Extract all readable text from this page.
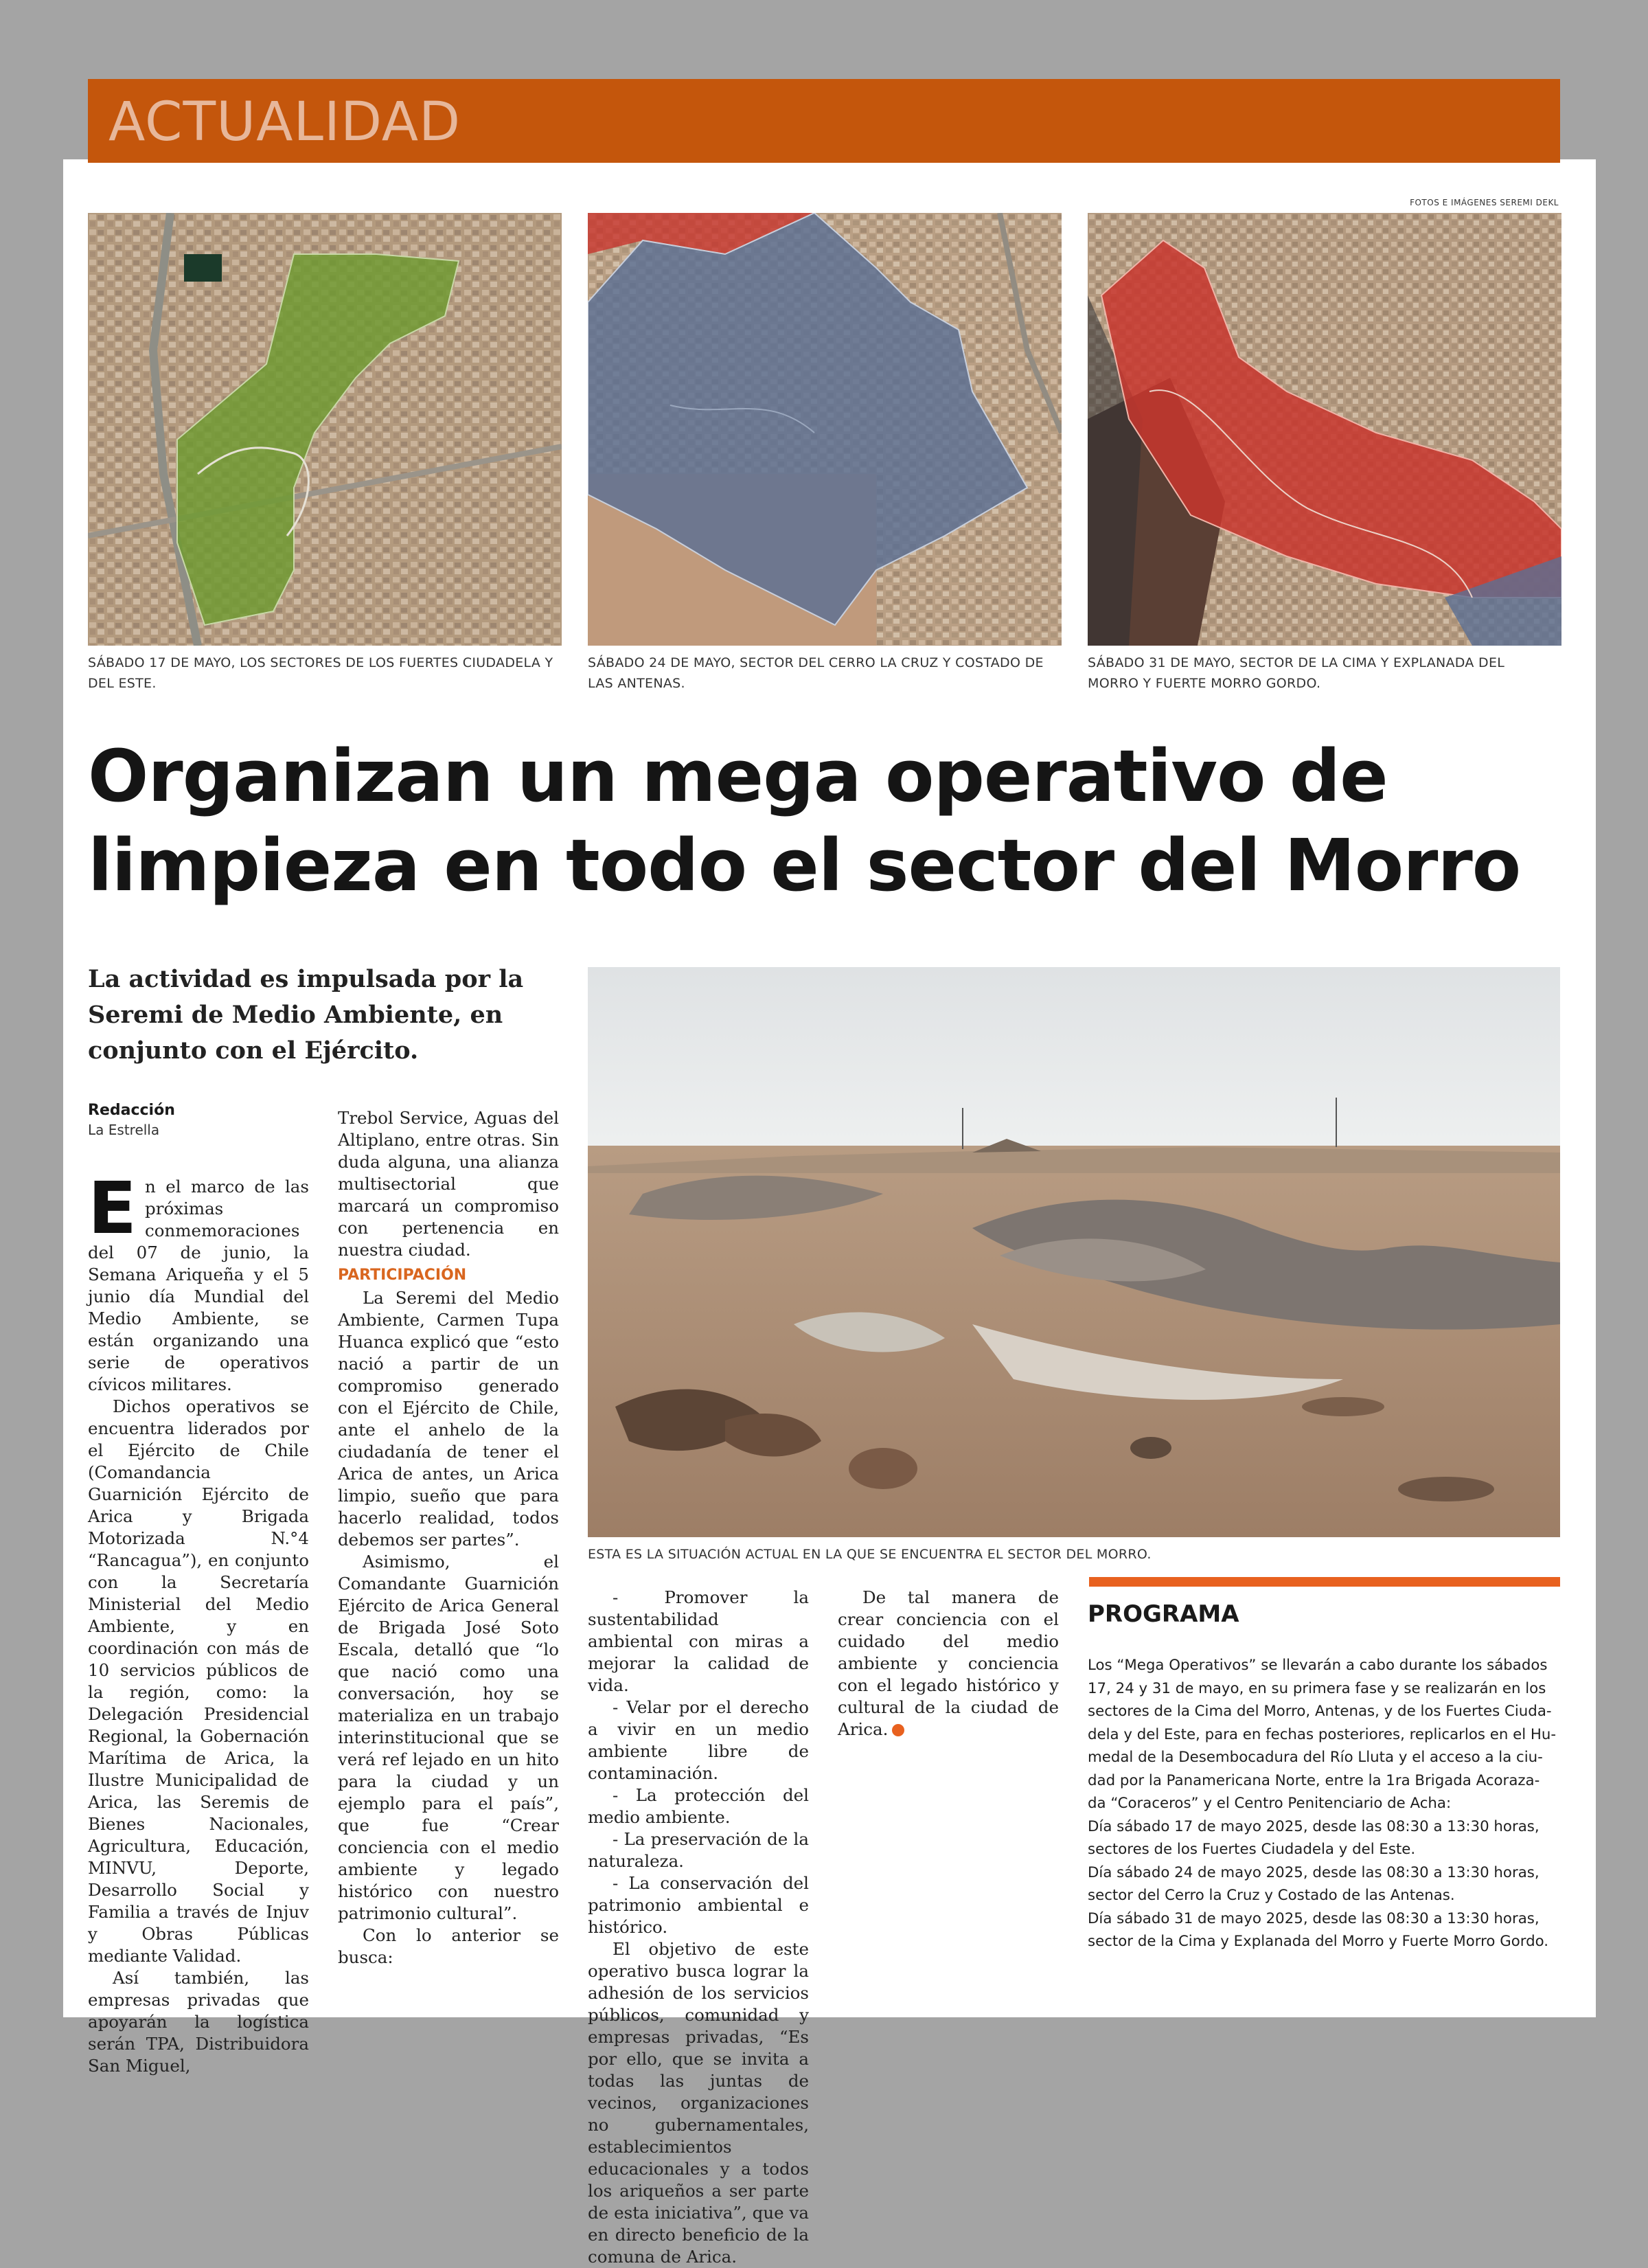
ACTUALIDAD
FOTOS E IMÁGENES SEREMI DEKL
SÁBADO 17 DE MAYO, LOS SECTORES DE LOS FUERTES CIUDADELA Y
DEL ESTE.
SÁBADO 24 DE MAYO, SECTOR DEL CERRO LA CRUZ Y COSTADO DE
LAS ANTENAS.
SÁBADO 31 DE MAYO, SECTOR DE LA CIMA Y EXPLANADA DEL
MORRO Y FUERTE MORRO GORDO.
Organizan un mega operativo de
limpieza en todo el sector del Morro
La actividad es impulsada por la
Seremi de Medio Ambiente, en
conjunto con el Ejército.
ESTA ES LA SITUACIÓN ACTUAL EN LA QUE SE ENCUENTRA EL SECTOR DEL MORRO.
Redacción
La Estrella

En el marco de las próximas conmemoraciones del 07 de junio, la Semana Ariqueña y el 5 junio día Mundial del Medio Ambiente, se están organizando una serie de operativos cívicos militares.

Dichos operativos se encuentra liderados por el Ejército de Chile (Comandancia Guarnición Ejército de Arica y Brigada Motorizada N.°4 “Rancagua”), en conjunto con la Secretaría Ministerial del Medio Ambiente, y en coordinación con más de 10 servicios públicos de la región, como: la Delegación Presidencial Regional, la Gobernación Marítima de Arica, la Ilustre Municipalidad de Arica, las Seremis de Bienes Nacionales, Agricultura, Educación, MINVU, Deporte, Desarrollo Social y Familia a través de Injuv y Obras Públicas mediante Validad.

Así también, las empresas privadas que apoyarán la logística serán TPA, Distribuidora San Miguel,

Trebol Service, Aguas del Altiplano, entre otras. Sin duda alguna, una alianza multisectorial que marcará un compromiso con pertenencia en nuestra ciudad.

PARTICIPACIÓN

La Seremi del Medio Ambiente, Carmen Tupa Huanca explicó que “esto nació a partir de un compromiso generado con el Ejército de Chile, ante el anhelo de la ciudadanía de tener el Arica de antes, un Arica limpio, sueño que para hacerlo realidad, todos debemos ser partes”.

Asimismo, el Comandante Guarnición Ejército de Arica General de Brigada José Soto Escala, detalló que “lo que nació como una conversación, hoy se materializa en un trabajo interinstitucional que se verá ref lejado en un hito para la ciudad y un ejemplo para el país”, que fue “Crear conciencia con el medio ambiente y legado histórico con nuestro patrimonio cultural”.

Con lo anterior se busca:

- Promover la sustentabilidad ambiental con miras a mejorar la calidad de vida.

- Velar por el derecho a vivir en un medio ambiente libre de contaminación.

- La protección del medio ambiente.

- La preservación de la naturaleza.

- La conservación del patrimonio ambiental e histórico.

El objetivo de este operativo busca lograr la adhesión de los servicios públicos, comunidad y empresas privadas, “Es por ello, que se invita a todas las juntas de vecinos, organizaciones no gubernamentales, establecimientos educacionales y a todos los ariqueños a ser parte de esta iniciativa”, que va en directo beneficio de la comuna de Arica.

De tal manera de crear conciencia con el cuidado del medio ambiente y conciencia con el legado histórico y cultural de la ciudad de Arica.

PROGRAMA
Los “Mega Operativos” se llevarán a cabo durante los sábados
17, 24 y 31 de mayo, en su primera fase y se realizarán en los
sectores de la Cima del Morro, Antenas, y de los Fuertes Ciuda-
dela y del Este, para en fechas posteriores, replicarlos en el Hu-
medal de la Desembocadura del Río Lluta y el acceso a la ciu-
dad por la Panamericana Norte, entre la 1ra Brigada Acoraza-
da “Coraceros” y el Centro Penitenciario de Acha:
Día sábado 17 de mayo 2025, desde las 08:30 a 13:30 horas,
sectores de los Fuertes Ciudadela y del Este.
Día sábado 24 de mayo 2025, desde las 08:30 a 13:30 horas,
sector del Cerro la Cruz y Costado de las Antenas.
Día sábado 31 de mayo 2025, desde las 08:30 a 13:30 horas,
sector de la Cima y Explanada del Morro y Fuerte Morro Gordo.
